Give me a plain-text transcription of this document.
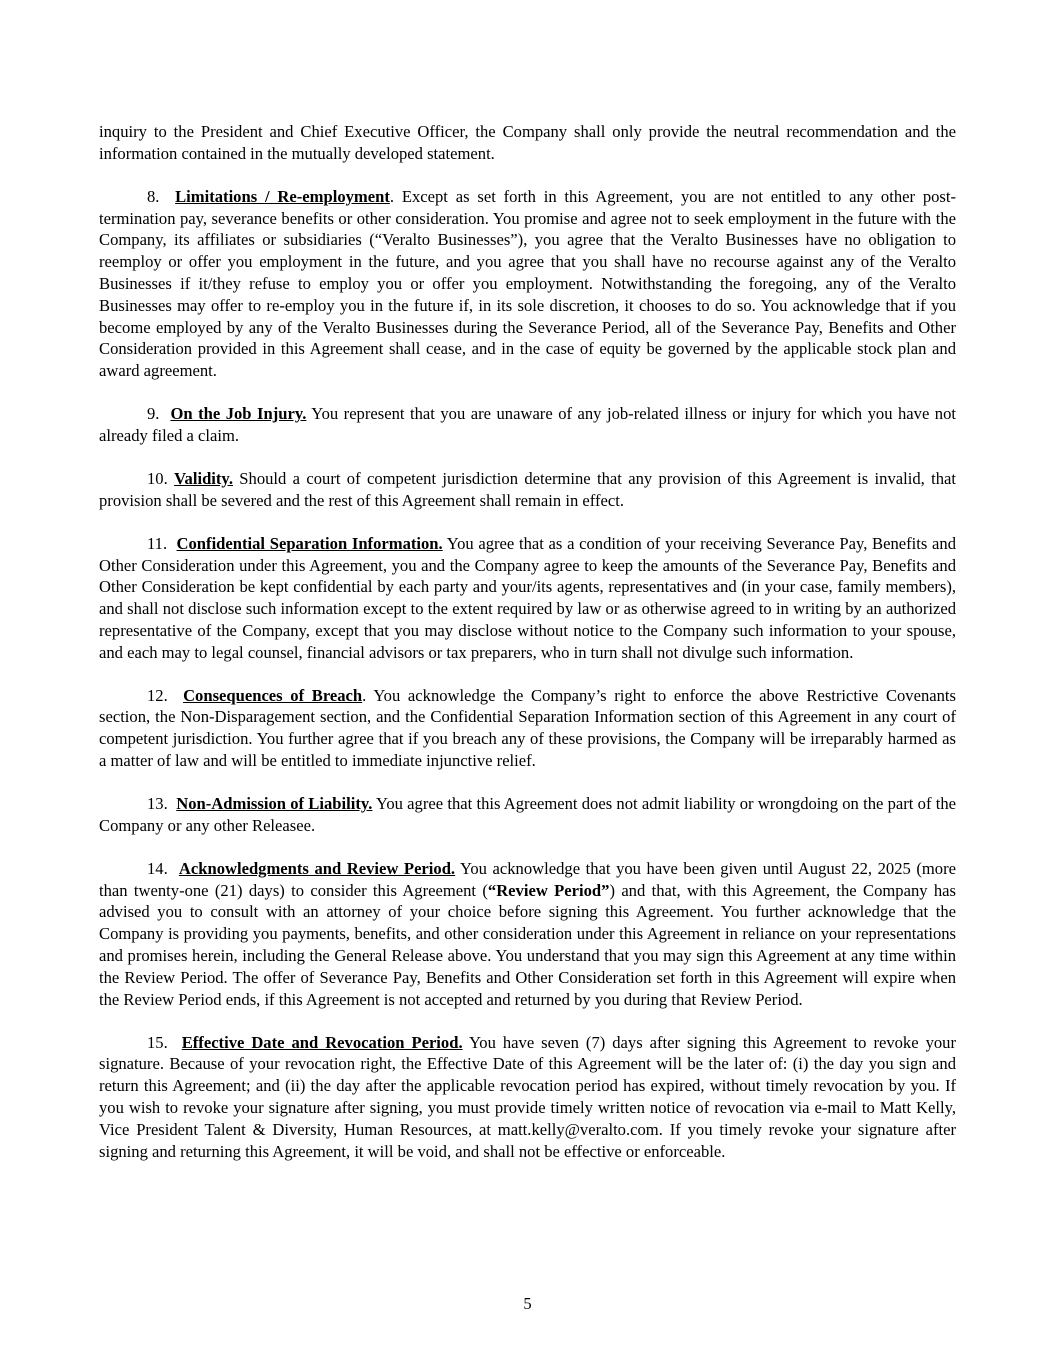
inquiry to the President and Chief Executive Officer, the Company shall only provide the neutral recommendation and the information contained in the mutually developed statement.

8. Limitations / Re-employment. Except as set forth in this Agreement, you are not entitled to any other post-termination pay, severance benefits or other consideration. You promise and agree not to seek employment in the future with the Company, its affiliates or subsidiaries (“Veralto Businesses”), you agree that the Veralto Businesses have no obligation to reemploy or offer you employment in the future, and you agree that you shall have no recourse against any of the Veralto Businesses if it/they refuse to employ you or offer you employment. Notwithstanding the foregoing, any of the Veralto Businesses may offer to re-employ you in the future if, in its sole discretion, it chooses to do so. You acknowledge that if you become employed by any of the Veralto Businesses during the Severance Period, all of the Severance Pay, Benefits and Other Consideration provided in this Agreement shall cease, and in the case of equity be governed by the applicable stock plan and award agreement.

9. On the Job Injury. You represent that you are unaware of any job-related illness or injury for which you have not already filed a claim.

10. Validity. Should a court of competent jurisdiction determine that any provision of this Agreement is invalid, that provision shall be severed and the rest of this Agreement shall remain in effect.

11. Confidential Separation Information. You agree that as a condition of your receiving Severance Pay, Benefits and Other Consideration under this Agreement, you and the Company agree to keep the amounts of the Severance Pay, Benefits and Other Consideration be kept confidential by each party and your/its agents, representatives and (in your case, family members), and shall not disclose such information except to the extent required by law or as otherwise agreed to in writing by an authorized representative of the Company, except that you may disclose without notice to the Company such information to your spouse, and each may to legal counsel, financial advisors or tax preparers, who in turn shall not divulge such information.

12. Consequences of Breach. You acknowledge the Company’s right to enforce the above Restrictive Covenants section, the Non-Disparagement section, and the Confidential Separation Information section of this Agreement in any court of competent jurisdiction. You further agree that if you breach any of these provisions, the Company will be irreparably harmed as a matter of law and will be entitled to immediate injunctive relief.

13. Non-Admission of Liability. You agree that this Agreement does not admit liability or wrongdoing on the part of the Company or any other Releasee.

14. Acknowledgments and Review Period. You acknowledge that you have been given until August 22, 2025 (more than twenty-one (21) days) to consider this Agreement (“Review Period”) and that, with this Agreement, the Company has advised you to consult with an attorney of your choice before signing this Agreement. You further acknowledge that the Company is providing you payments, benefits, and other consideration under this Agreement in reliance on your representations and promises herein, including the General Release above. You understand that you may sign this Agreement at any time within the Review Period. The offer of Severance Pay, Benefits and Other Consideration set forth in this Agreement will expire when the Review Period ends, if this Agreement is not accepted and returned by you during that Review Period.

15. Effective Date and Revocation Period. You have seven (7) days after signing this Agreement to revoke your signature. Because of your revocation right, the Effective Date of this Agreement will be the later of: (i) the day you sign and return this Agreement; and (ii) the day after the applicable revocation period has expired, without timely revocation by you. If you wish to revoke your signature after signing, you must provide timely written notice of revocation via e-mail to Matt Kelly, Vice President Talent & Diversity, Human Resources, at matt.kelly@veralto.com. If you timely revoke your signature after signing and returning this Agreement, it will be void, and shall not be effective or enforceable.

5
